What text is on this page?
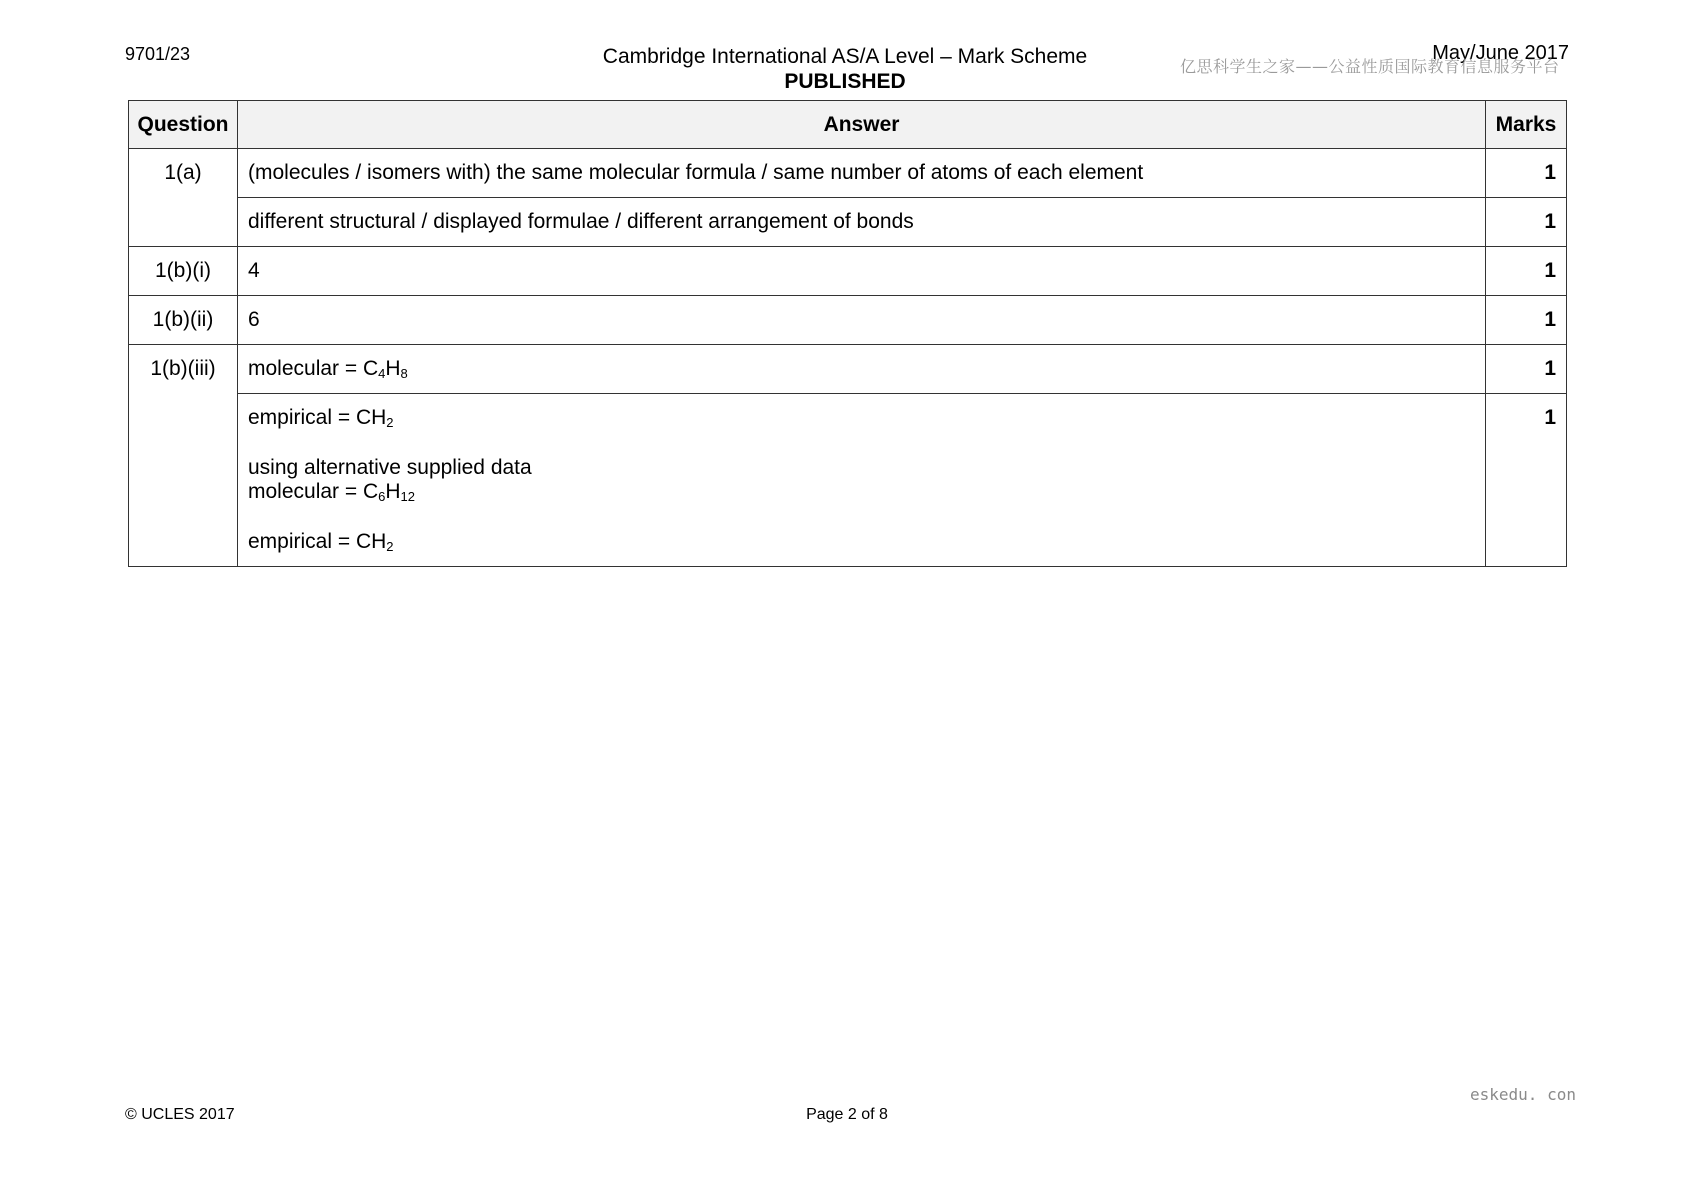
9701/23	Cambridge International AS/A Level – Mark Scheme
PUBLISHED
May/June 2017
亿思科学生之家——公益性质国际教育信息服务平台
Question	Answer	Marks

1(a)	(molecules / isomers with) the same molecular formula / same number of atoms of each element	1

	different structural / displayed formulae / different arrangement of bonds	1

1(b)(i)	4	1

1(b)(ii)	6	1

1(b)(iii)	molecular = $C_4H_8$	1

	empirical = $CH_2$
using alternative supplied data
molecular = $C_6H_{12}$
empirical = $CH_2$	1
eskedu. con
© UCLES 2017	Page 2 of 8
